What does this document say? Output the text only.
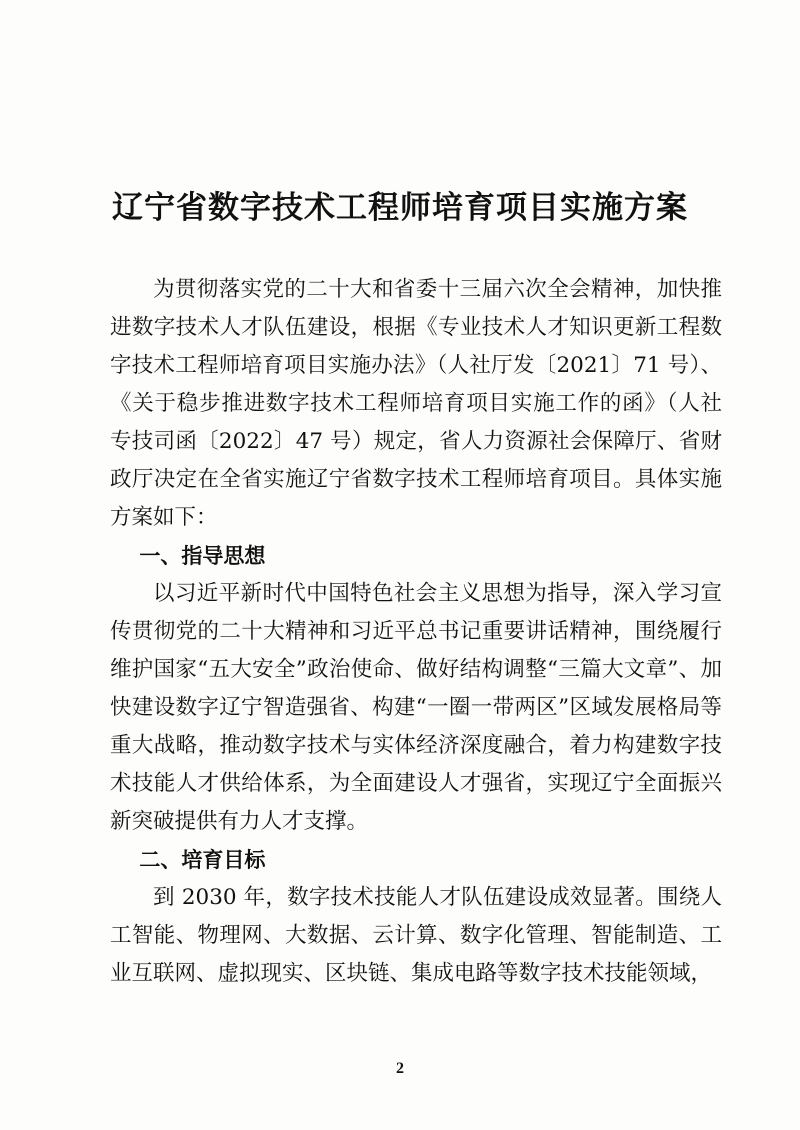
辽宁省数字技术工程师培育项目实施方案

为贯彻落实党的二十大和省委十三届六次全会精神，加快推进数字技术人才队伍建设，根据《专业技术人才知识更新工程数字技术工程师培育项目实施办法》（人社厅发〔2021〕71 号）、《关于稳步推进数字技术工程师培育项目实施工作的函》（人社专技司函〔2022〕47 号）规定，省人力资源社会保障厅、省财政厅决定在全省实施辽宁省数字技术工程师培育项目。具体实施方案如下：

一、指导思想

以习近平新时代中国特色社会主义思想为指导，深入学习宣传贯彻党的二十大精神和习近平总书记重要讲话精神，围绕履行维护国家“五大安全”政治使命、做好结构调整“三篇大文章”、加快建设数字辽宁智造强省、构建“一圈一带两区”区域发展格局等重大战略，推动数字技术与实体经济深度融合，着力构建数字技术技能人才供给体系，为全面建设人才强省，实现辽宁全面振兴新突破提供有力人才支撑。

二、培育目标

到 2030 年，数字技术技能人才队伍建设成效显著。围绕人工智能、物理网、大数据、云计算、数字化管理、智能制造、工业互联网、虚拟现实、区块链、集成电路等数字技术技能领域，

2
